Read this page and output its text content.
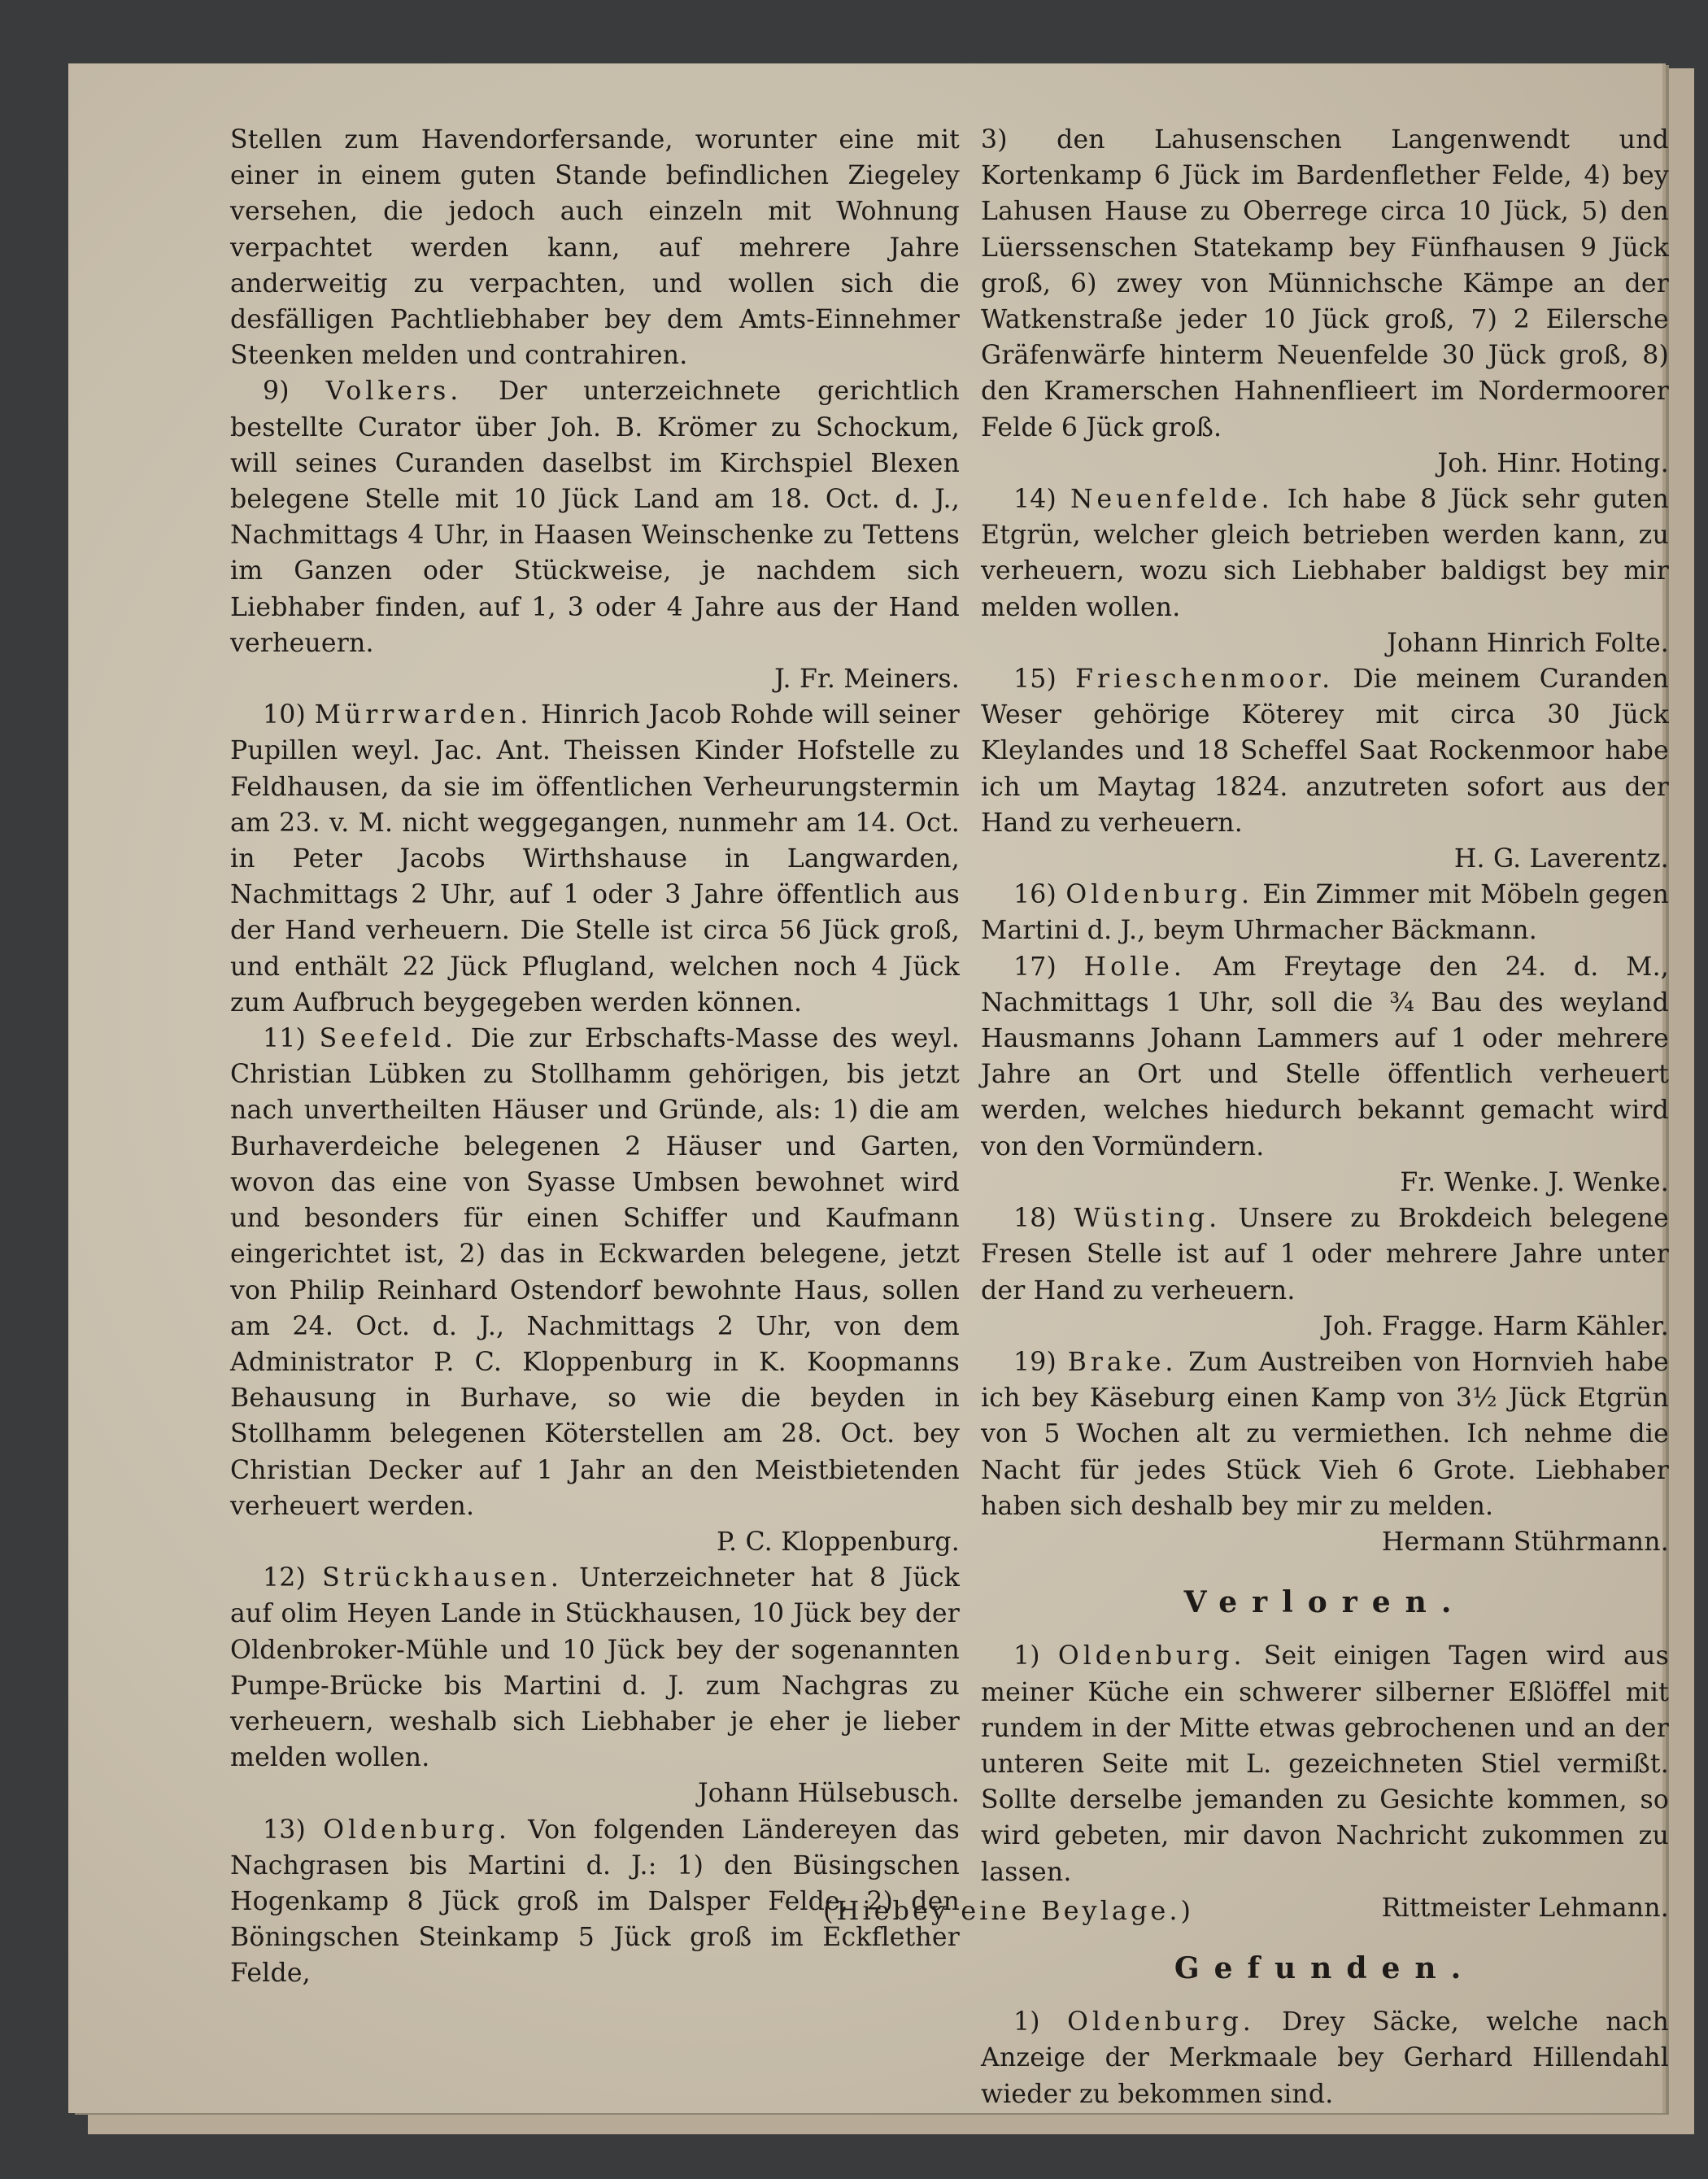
Stellen zum Havendorfersande, worunter eine mit einer in einem guten Stande befindlichen Ziegeley versehen, die jedoch auch einzeln mit Wohnung verpachtet werden kann, auf mehrere Jahre anderweitig zu verpachten, und wollen sich die desfälligen Pachtliebhaber bey dem Amts-Einnehmer Steenken melden und contrahiren.

9) Volkers. Der unterzeichnete gerichtlich bestellte Curator über Joh. B. Krömer zu Schockum, will seines Curanden daselbst im Kirchspiel Blexen belegene Stelle mit 10 Jück Land am 18. Oct. d. J., Nachmittags 4 Uhr, in Haasen Weinschenke zu Tettens im Ganzen oder Stückweise, je nachdem sich Liebhaber finden, auf 1, 3 oder 4 Jahre aus der Hand verheuern.

J. Fr. Meiners.

10) Mürrwarden. Hinrich Jacob Rohde will seiner Pupillen weyl. Jac. Ant. Theissen Kinder Hofstelle zu Feldhausen, da sie im öffentlichen Verheurungstermin am 23. v. M. nicht weggegangen, nunmehr am 14. Oct. in Peter Jacobs Wirthshause in Langwarden, Nachmittags 2 Uhr, auf 1 oder 3 Jahre öffentlich aus der Hand verheuern. Die Stelle ist circa 56 Jück groß, und enthält 22 Jück Pflugland, welchen noch 4 Jück zum Aufbruch beygegeben werden können.

11) Seefeld. Die zur Erbschafts-Masse des weyl. Christian Lübken zu Stollhamm gehörigen, bis jetzt nach unvertheilten Häuser und Gründe, als: 1) die am Burhaverdeiche belegenen 2 Häuser und Garten, wovon das eine von Syasse Umbsen bewohnet wird und besonders für einen Schiffer und Kaufmann eingerichtet ist, 2) das in Eckwarden belegene, jetzt von Philip Reinhard Ostendorf bewohnte Haus, sollen am 24. Oct. d. J., Nachmittags 2 Uhr, von dem Administrator P. C. Kloppenburg in K. Koopmanns Behausung in Burhave, so wie die beyden in Stollhamm belegenen Köterstellen am 28. Oct. bey Christian Decker auf 1 Jahr an den Meistbietenden verheuert werden.

P. C. Kloppenburg.

12) Strückhausen. Unterzeichneter hat 8 Jück auf olim Heyen Lande in Stückhausen, 10 Jück bey der Oldenbroker-Mühle und 10 Jück bey der sogenannten Pumpe-Brücke bis Martini d. J. zum Nachgras zu verheuern, weshalb sich Liebhaber je eher je lieber melden wollen.

Johann Hülsebusch.

13) Oldenburg. Von folgenden Ländereyen das Nachgrasen bis Martini d. J.: 1) den Büsingschen Hogenkamp 8 Jück groß im Dalsper Felde, 2) den Böningschen Steinkamp 5 Jück groß im Eckflether Felde,

3) den Lahusenschen Langenwendt und Kortenkamp 6 Jück im Bardenflether Felde, 4) bey Lahusen Hause zu Oberrege circa 10 Jück, 5) den Lüerssenschen Statekamp bey Fünfhausen 9 Jück groß, 6) zwey von Münnichsche Kämpe an der Watkenstraße jeder 10 Jück groß, 7) 2 Eilersche Gräfenwärfe hinterm Neuenfelde 30 Jück groß, 8) den Kramerschen Hahnenflieert im Nordermoorer Felde 6 Jück groß.

Joh. Hinr. Hoting.

14) Neuenfelde. Ich habe 8 Jück sehr guten Etgrün, welcher gleich betrieben werden kann, zu verheuern, wozu sich Liebhaber baldigst bey mir melden wollen.

Johann Hinrich Folte.

15) Frieschenmoor. Die meinem Curanden Weser gehörige Köterey mit circa 30 Jück Kleylandes und 18 Scheffel Saat Rockenmoor habe ich um Maytag 1824. anzutreten sofort aus der Hand zu verheuern.

H. G. Laverentz.

16) Oldenburg. Ein Zimmer mit Möbeln gegen Martini d. J., beym Uhrmacher Bäckmann.

17) Holle. Am Freytage den 24. d. M., Nachmittags 1 Uhr, soll die ¾ Bau des weyland Hausmanns Johann Lammers auf 1 oder mehrere Jahre an Ort und Stelle öffentlich verheuert werden, welches hiedurch bekannt gemacht wird von den Vormündern.

Fr. Wenke. J. Wenke.

18) Wüsting. Unsere zu Brokdeich belegene Fresen Stelle ist auf 1 oder mehrere Jahre unter der Hand zu verheuern.

Joh. Fragge. Harm Kähler.

19) Brake. Zum Austreiben von Hornvieh habe ich bey Käseburg einen Kamp von 3½ Jück Etgrün von 5 Wochen alt zu vermiethen. Ich nehme die Nacht für jedes Stück Vieh 6 Grote. Liebhaber haben sich deshalb bey mir zu melden.

Hermann Stührmann.

Verloren.

1) Oldenburg. Seit einigen Tagen wird aus meiner Küche ein schwerer silberner Eßlöffel mit rundem in der Mitte etwas gebrochenen und an der unteren Seite mit L. gezeichneten Stiel vermißt. Sollte derselbe jemanden zu Gesichte kommen, so wird gebeten, mir davon Nachricht zukommen zu lassen.

Rittmeister Lehmann.

Gefunden.

1) Oldenburg. Drey Säcke, welche nach Anzeige der Merkmaale bey Gerhard Hillendahl wieder zu bekommen sind.

(Hiebey eine Beylage.)
